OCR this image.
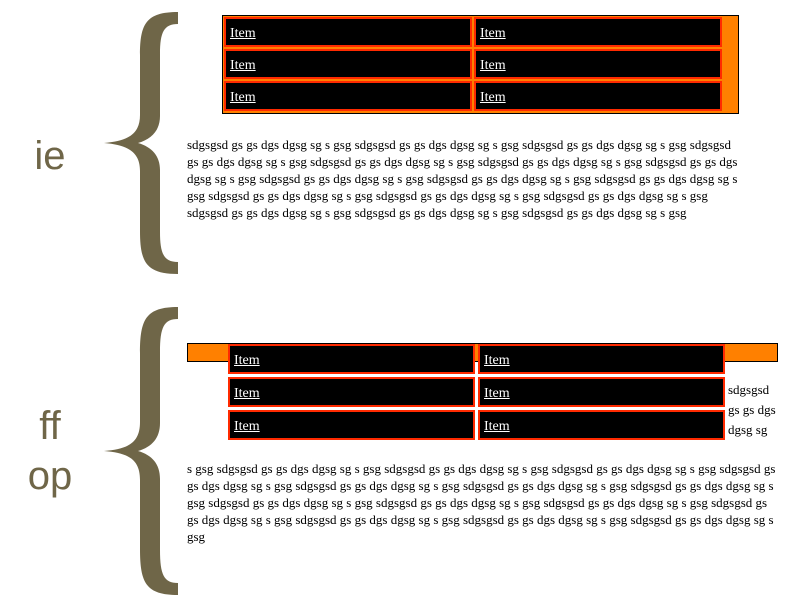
ie
Item	Item
Item	Item
Item	Item
sdgsgsd gs gs dgs dgsg sg s gsg sdgsgsd gs gs dgs dgsg sg s gsg sdgsgsd gs gs dgs dgsg sg s gsg sdgsgsd gs gs dgs dgsg sg s gsg sdgsgsd gs gs dgs dgsg sg s gsg sdgsgsd gs gs dgs dgsg sg s gsg sdgsgsd gs gs dgs dgsg sg s gsg sdgsgsd gs gs dgs dgsg sg s gsg sdgsgsd gs gs dgs dgsg sg s gsg sdgsgsd gs gs dgs dgsg sg s gsg sdgsgsd gs gs dgs dgsg sg s gsg sdgsgsd gs gs dgs dgsg sg s gsg sdgsgsd gs gs dgs dgsg sg s gsg sdgsgsd gs gs dgs dgsg sg s gsg sdgsgsd gs gs dgs dgsg sg s gsg sdgsgsd gs gs dgs dgsg sg s gsg
ff
op
Item	Item
Item	Item
Item	Item
sdgsgsd gs gs dgs dgsg sg
s gsg sdgsgsd gs gs dgs dgsg sg s gsg sdgsgsd gs gs dgs dgsg sg s gsg sdgsgsd gs gs dgs dgsg sg s gsg sdgsgsd gs gs dgs dgsg sg s gsg sdgsgsd gs gs dgs dgsg sg s gsg sdgsgsd gs gs dgs dgsg sg s gsg sdgsgsd gs gs dgs dgsg sg s gsg sdgsgsd gs gs dgs dgsg sg s gsg sdgsgsd gs gs dgs dgsg sg s gsg sdgsgsd gs gs dgs dgsg sg s gsg sdgsgsd gs gs dgs dgsg sg s gsg sdgsgsd gs gs dgs dgsg sg s gsg sdgsgsd gs gs dgs dgsg sg s gsg sdgsgsd gs gs dgs dgsg sg s gsg
